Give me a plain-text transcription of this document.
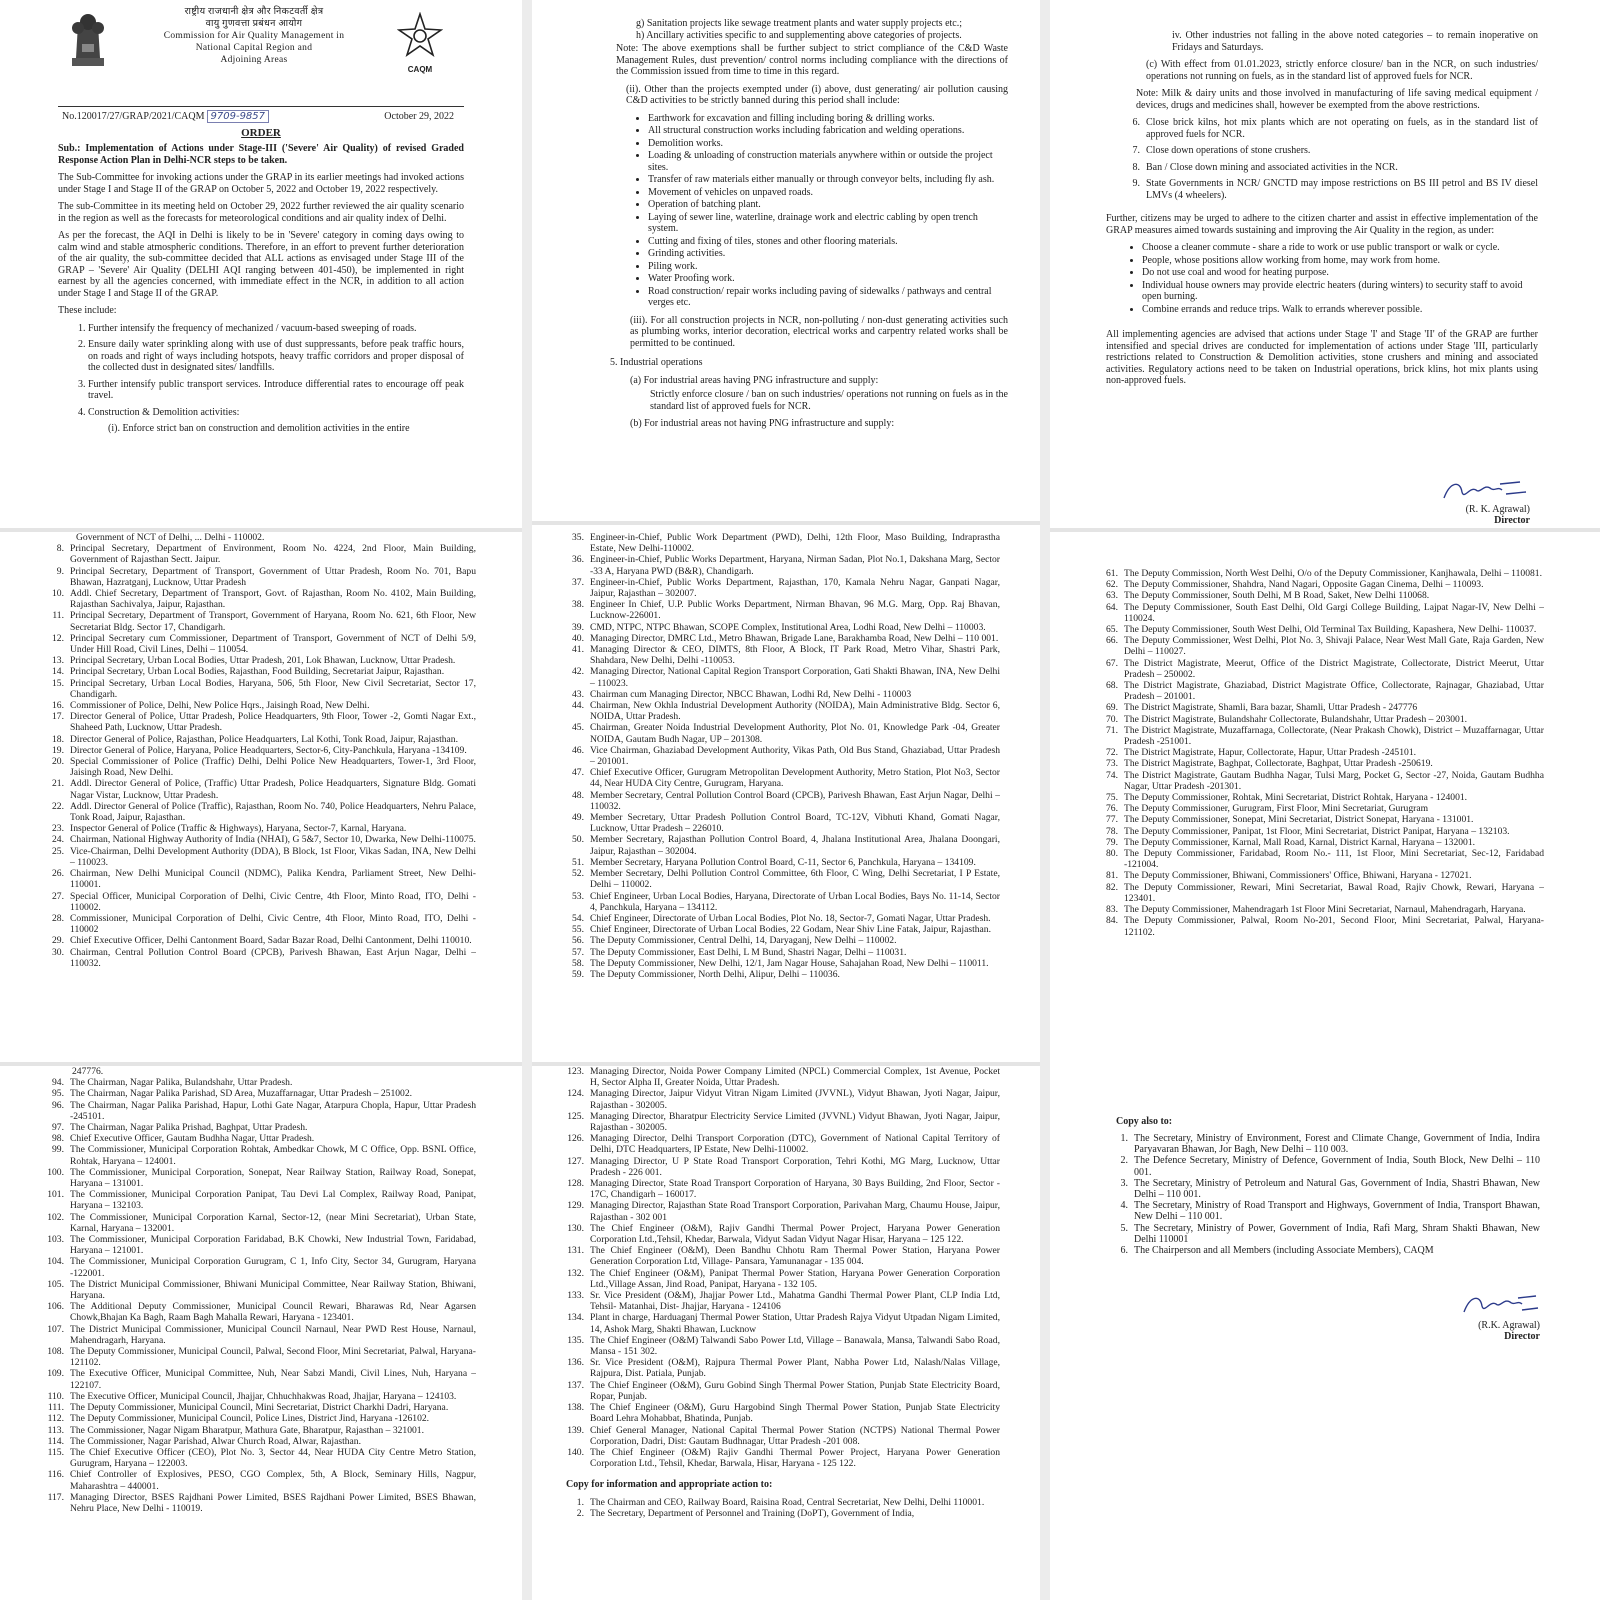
राष्ट्रीय राजधानी क्षेत्र और निकटवर्ती क्षेत्र
वायु गुणवत्ता प्रबंधन आयोग
Commission for Air Quality Management in
National Capital Region and
Adjoining Areas
CAQM
No.120017/27/GRAP/2021/CAQM 9709-9857	October 29, 2022
ORDER

Sub.: Implementation of Actions under Stage-III ('Severe' Air Quality) of revised Graded Response Action Plan in Delhi-NCR steps to be taken.

The Sub-Committee for invoking actions under the GRAP in its earlier meetings had invoked actions under Stage I and Stage II of the GRAP on October 5, 2022 and October 19, 2022 respectively.

The sub-Committee in its meeting held on October 29, 2022 further reviewed the air quality scenario in the region as well as the forecasts for meteorological conditions and air quality index of Delhi.

As per the forecast, the AQI in Delhi is likely to be in 'Severe' category in coming days owing to calm wind and stable atmospheric conditions. Therefore, in an effort to prevent further deterioration of the air quality, the sub-committee decided that ALL actions as envisaged under Stage III of the GRAP – 'Severe' Air Quality (DELHI AQI ranging between 401-450), be implemented in right earnest by all the agencies concerned, with immediate effect in the NCR, in addition to all action under Stage I and Stage II of the GRAP.

These include:

1. Further intensify the frequency of mechanized / vacuum-based sweeping of roads.
2. Ensure daily water sprinkling along with use of dust suppressants, before peak traffic hours, on roads and right of ways including hotspots, heavy traffic corridors and proper disposal of the collected dust in designated sites/ landfills.
3. Further intensify public transport services. Introduce differential rates to encourage off peak travel.
4. Construction & Demolition activities:

(i). Enforce strict ban on construction and demolition activities in the entire

g) Sanitation projects like sewage treatment plants and water supply projects etc.;
h) Ancillary activities specific to and supplementing above categories of projects.

Note: The above exemptions shall be further subject to strict compliance of the C&D Waste Management Rules, dust prevention/ control norms including compliance with the directions of the Commission issued from time to time in this regard.

(ii). Other than the projects exempted under (i) above, dust generating/ air pollution causing C&D activities to be strictly banned during this period shall include:

• Earthwork for excavation and filling including boring & drilling works.
• All structural construction works including fabrication and welding operations.
• Demolition works.
• Loading & unloading of construction materials anywhere within or outside the project sites.
• Transfer of raw materials either manually or through conveyor belts, including fly ash.
• Movement of vehicles on unpaved roads.
• Operation of batching plant.
• Laying of sewer line, waterline, drainage work and electric cabling by open trench system.
• Cutting and fixing of tiles, stones and other flooring materials.
• Grinding activities.
• Piling work.
• Water Proofing work.
• Road construction/ repair works including paving of sidewalks / pathways and central verges etc.

(iii). For all construction projects in NCR, non-polluting / non-dust generating activities such as plumbing works, interior decoration, electrical works and carpentry related works shall be permitted to be continued.

5. Industrial operations

(a) For industrial areas having PNG infrastructure and supply:

Strictly enforce closure / ban on such industries/ operations not running on fuels as in the standard list of approved fuels for NCR.

(b) For industrial areas not having PNG infrastructure and supply:

iv. Other industries not falling in the above noted categories – to remain inoperative on Fridays and Saturdays.

(c) With effect from 01.01.2023, strictly enforce closure/ ban in the NCR, on such industries/ operations not running on fuels, as in the standard list of approved fuels for NCR.

Note: Milk & dairy units and those involved in manufacturing of life saving medical equipment / devices, drugs and medicines shall, however be exempted from the above restrictions.

6. Close brick kilns, hot mix plants which are not operating on fuels, as in the standard list of approved fuels for NCR.
7. Close down operations of stone crushers.
8. Ban / Close down mining and associated activities in the NCR.
9. State Governments in NCR/ GNCTD may impose restrictions on BS III petrol and BS IV diesel LMVs (4 wheelers).

Further, citizens may be urged to adhere to the citizen charter and assist in effective implementation of the GRAP measures aimed towards sustaining and improving the Air Quality in the region, as under:

• Choose a cleaner commute - share a ride to work or use public transport or walk or cycle.
• People, whose positions allow working from home, may work from home.
• Do not use coal and wood for heating purpose.
• Individual house owners may provide electric heaters (during winters) to security staff to avoid open burning.
• Combine errands and reduce trips. Walk to errands wherever possible.

All implementing agencies are advised that actions under Stage 'I' and Stage 'II' of the GRAP are further intensified and special drives are conducted for implementation of actions under Stage 'III, particularly restrictions related to Construction & Demolition activities, stone crushers and mining and associated activities. Regulatory actions need to be taken on Industrial operations, brick klins, hot mix plants using non-approved fuels.

(R. K. Agrawal)
Director
Government of NCT of Delhi, ... Delhi - 110002.
8. Principal Secretary, Department of Environment, Room No. 4224, 2nd Floor, Main Building, Government of Rajasthan Sectt. Jaipur.
9. Principal Secretary, Department of Transport, Government of Uttar Pradesh, Room No. 701, Bapu Bhawan, Hazratganj, Lucknow, Uttar Pradesh
10. Addl. Chief Secretary, Department of Transport, Govt. of Rajasthan, Room No. 4102, Main Building, Rajasthan Sachivalya, Jaipur, Rajasthan.
11. Principal Secretary, Department of Transport, Government of Haryana, Room No. 621, 6th Floor, New Secretariat Bldg. Sector 17, Chandigarh.
12. Principal Secretary cum Commissioner, Department of Transport, Government of NCT of Delhi 5/9, Under Hill Road, Civil Lines, Delhi – 110054.
13. Principal Secretary, Urban Local Bodies, Uttar Pradesh, 201, Lok Bhawan, Lucknow, Uttar Pradesh.
14. Principal Secretary, Urban Local Bodies, Rajasthan, Food Building, Secretariat Jaipur, Rajasthan.
15. Principal Secretary, Urban Local Bodies, Haryana, 506, 5th Floor, New Civil Secretariat, Sector 17, Chandigarh.
16. Commissioner of Police, Delhi, New Police Hqrs., Jaisingh Road, New Delhi.
17. Director General of Police, Uttar Pradesh, Police Headquarters, 9th Floor, Tower -2, Gomti Nagar Ext., Shaheed Path, Lucknow, Uttar Pradesh.
18. Director General of Police, Rajasthan, Police Headquarters, Lal Kothi, Tonk Road, Jaipur, Rajasthan.
19. Director General of Police, Haryana, Police Headquarters, Sector-6, City-Panchkula, Haryana -134109.
20. Special Commissioner of Police (Traffic) Delhi, Delhi Police New Headquarters, Tower-1, 3rd Floor, Jaisingh Road, New Delhi.
21. Addl. Director General of Police, (Traffic) Uttar Pradesh, Police Headquarters, Signature Bldg. Gomati Nagar Vistar, Lucknow, Uttar Pradesh.
22. Addl. Director General of Police (Traffic), Rajasthan, Room No. 740, Police Headquarters, Nehru Palace, Tonk Road, Jaipur, Rajasthan.
23. Inspector General of Police (Traffic & Highways), Haryana, Sector-7, Karnal, Haryana.
24. Chairman, National Highway Authority of India (NHAI), G 5&7, Sector 10, Dwarka, New Delhi-110075.
25. Vice-Chairman, Delhi Development Authority (DDA), B Block, 1st Floor, Vikas Sadan, INA, New Delhi – 110023.
26. Chairman, New Delhi Municipal Council (NDMC), Palika Kendra, Parliament Street, New Delhi- 110001.
27. Special Officer, Municipal Corporation of Delhi, Civic Centre, 4th Floor, Minto Road, ITO, Delhi - 110002.
28. Commissioner, Municipal Corporation of Delhi, Civic Centre, 4th Floor, Minto Road, ITO, Delhi - 110002
29. Chief Executive Officer, Delhi Cantonment Board, Sadar Bazar Road, Delhi Cantonment, Delhi 110010.
30. Chairman, Central Pollution Control Board (CPCB), Parivesh Bhawan, East Arjun Nagar, Delhi – 110032.
35. Engineer-in-Chief, Public Work Department (PWD), Delhi, 12th Floor, Maso Building, Indraprastha Estate, New Delhi-110002.
36. Engineer-in-Chief, Public Works Department, Haryana, Nirman Sadan, Plot No.1, Dakshana Marg, Sector -33 A, Haryana PWD (B&R), Chandigarh.
37. Engineer-in-Chief, Public Works Department, Rajasthan, 170, Kamala Nehru Nagar, Ganpati Nagar, Jaipur, Rajasthan – 302007.
38. Engineer In Chief, U.P. Public Works Department, Nirman Bhavan, 96 M.G. Marg, Opp. Raj Bhavan, Lucknow-226001.
39. CMD, NTPC, NTPC Bhawan, SCOPE Complex, Institutional Area, Lodhi Road, New Delhi – 110003.
40. Managing Director, DMRC Ltd., Metro Bhawan, Brigade Lane, Barakhamba Road, New Delhi – 110 001.
41. Managing Director & CEO, DIMTS, 8th Floor, A Block, IT Park Road, Metro Vihar, Shastri Park, Shahdara, New Delhi, Delhi -110053.
42. Managing Director, National Capital Region Transport Corporation, Gati Shakti Bhawan, INA, New Delhi – 110023.
43. Chairman cum Managing Director, NBCC Bhawan, Lodhi Rd, New Delhi - 110003
44. Chairman, New Okhla Industrial Development Authority (NOIDA), Main Administrative Bldg. Sector 6, NOIDA, Uttar Pradesh.
45. Chairman, Greater Noida Industrial Development Authority, Plot No. 01, Knowledge Park -04, Greater NOIDA, Gautam Budh Nagar, UP – 201308.
46. Vice Chairman, Ghaziabad Development Authority, Vikas Path, Old Bus Stand, Ghaziabad, Uttar Pradesh – 201001.
47. Chief Executive Officer, Gurugram Metropolitan Development Authority, Metro Station, Plot No3, Sector 44, Near HUDA City Centre, Gurugram, Haryana.
48. Member Secretary, Central Pollution Control Board (CPCB), Parivesh Bhawan, East Arjun Nagar, Delhi – 110032.
49. Member Secretary, Uttar Pradesh Pollution Control Board, TC-12V, Vibhuti Khand, Gomati Nagar, Lucknow, Uttar Pradesh – 226010.
50. Member Secretary, Rajasthan Pollution Control Board, 4, Jhalana Institutional Area, Jhalana Doongari, Jaipur, Rajasthan – 302004.
51. Member Secretary, Haryana Pollution Control Board, C-11, Sector 6, Panchkula, Haryana – 134109.
52. Member Secretary, Delhi Pollution Control Committee, 6th Floor, C Wing, Delhi Secretariat, I P Estate, Delhi – 110002.
53. Chief Engineer, Urban Local Bodies, Haryana, Directorate of Urban Local Bodies, Bays No. 11-14, Sector 4, Panchkula, Haryana – 134112.
54. Chief Engineer, Directorate of Urban Local Bodies, Plot No. 18, Sector-7, Gomati Nagar, Uttar Pradesh.
55. Chief Engineer, Directorate of Urban Local Bodies, 22 Godam, Near Shiv Line Fatak, Jaipur, Rajasthan.
56. The Deputy Commissioner, Central Delhi, 14, Daryaganj, New Delhi – 110002.
57. The Deputy Commissioner, East Delhi, L M Bund, Shastri Nagar, Delhi – 110031.
58. The Deputy Commissioner, New Delhi, 12/1, Jam Nagar House, Sahajahan Road, New Delhi – 110011.
59. The Deputy Commissioner, North Delhi, Alipur, Delhi – 110036.
61. The Deputy Commission, North West Delhi, O/o of the Deputy Commissioner, Kanjhawala, Delhi – 110081.
62. The Deputy Commissioner, Shahdra, Nand Nagari, Opposite Gagan Cinema, Delhi – 110093.
63. The Deputy Commissioner, South Delhi, M B Road, Saket, New Delhi 110068.
64. The Deputy Commissioner, South East Delhi, Old Gargi College Building, Lajpat Nagar-IV, New Delhi – 110024.
65. The Deputy Commissioner, South West Delhi, Old Terminal Tax Building, Kapashera, New Delhi- 110037.
66. The Deputy Commissioner, West Delhi, Plot No. 3, Shivaji Palace, Near West Mall Gate, Raja Garden, New Delhi – 110027.
67. The District Magistrate, Meerut, Office of the District Magistrate, Collectorate, District Meerut, Uttar Pradesh – 250002.
68. The District Magistrate, Ghaziabad, District Magistrate Office, Collectorate, Rajnagar, Ghaziabad, Uttar Pradesh – 201001.
69. The District Magistrate, Shamli, Bara bazar, Shamli, Uttar Pradesh - 247776
70. The District Magistrate, Bulandshahr Collectorate, Bulandshahr, Uttar Pradesh – 203001.
71. The District Magistrate, Muzaffarnaga, Collectorate, (Near Prakash Chowk), District – Muzaffarnagar, Uttar Pradesh -251001.
72. The District Magistrate, Hapur, Collectorate, Hapur, Uttar Pradesh -245101.
73. The District Magistrate, Baghpat, Collectorate, Baghpat, Uttar Pradesh -250619.
74. The District Magistrate, Gautam Budhha Nagar, Tulsi Marg, Pocket G, Sector -27, Noida, Gautam Budhha Nagar, Uttar Pradesh -201301.
75. The Deputy Commissioner, Rohtak, Mini Secretariat, District Rohtak, Haryana - 124001.
76. The Deputy Commissioner, Gurugram, First Floor, Mini Secretariat, Gurugram
77. The Deputy Commissioner, Sonepat, Mini Secretariat, District Sonepat, Haryana - 131001.
78. The Deputy Commissioner, Panipat, 1st Floor, Mini Secretariat, District Panipat, Haryana – 132103.
79. The Deputy Commissioner, Karnal, Mall Road, Karnal, District Karnal, Haryana – 132001.
80. The Deputy Commissioner, Faridabad, Room No.- 111, 1st Floor, Mini Secretariat, Sec-12, Faridabad -121004.
81. The Deputy Commissioner, Bhiwani, Commissioners' Office, Bhiwani, Haryana - 127021.
82. The Deputy Commissioner, Rewari, Mini Secretariat, Bawal Road, Rajiv Chowk, Rewari, Haryana – 123401.
83. The Deputy Commissioner, Mahendragarh 1st Floor Mini Secretariat, Narnaul, Mahendragarh, Haryana.
84. The Deputy Commissioner, Palwal, Room No-201, Second Floor, Mini Secretariat, Palwal, Haryana- 121102.
247776.
94. The Chairman, Nagar Palika, Bulandshahr, Uttar Pradesh.
95. The Chairman, Nagar Palika Parishad, SD Area, Muzaffarnagar, Uttar Pradesh – 251002.
96. The Chairman, Nagar Palika Parishad, Hapur, Lothi Gate Nagar, Atarpura Chopla, Hapur, Uttar Pradesh -245101.
97. The Chairman, Nagar Palika Prishad, Baghpat, Uttar Pradesh.
98. Chief Executive Officer, Gautam Budhha Nagar, Uttar Pradesh.
99. The Commissioner, Municipal Corporation Rohtak, Ambedkar Chowk, M C Office, Opp. BSNL Office, Rohtak, Haryana – 124001.
100. The Commissioner, Municipal Corporation, Sonepat, Near Railway Station, Railway Road, Sonepat, Haryana – 131001.
101. The Commissioner, Municipal Corporation Panipat, Tau Devi Lal Complex, Railway Road, Panipat, Haryana – 132103.
102. The Commissioner, Municipal Corporation Karnal, Sector-12, (near Mini Secretariat), Urban State, Karnal, Haryana – 132001.
103. The Commissioner, Municipal Corporation Faridabad, B.K Chowki, New Industrial Town, Faridabad, Haryana – 121001.
104. The Commissioner, Municipal Corporation Gurugram, C 1, Info City, Sector 34, Gurugram, Haryana -122001.
105. The District Municipal Commissioner, Bhiwani Municipal Committee, Near Railway Station, Bhiwani, Haryana.
106. The Additional Deputy Commissioner, Municipal Council Rewari, Bharawas Rd, Near Agarsen Chowk,Bhajan Ka Bagh, Raam Bagh Mahalla Rewari, Haryana - 123401.
107. The District Municipal Commissioner, Municipal Council Narnaul, Near PWD Rest House, Narnaul, Mahendragarh, Haryana.
108. The Deputy Commissioner, Municipal Council, Palwal, Second Floor, Mini Secretariat, Palwal, Haryana- 121102.
109. The Executive Officer, Municipal Committee, Nuh, Near Sabzi Mandi, Civil Lines, Nuh, Haryana – 122107.
110. The Executive Officer, Municipal Council, Jhajjar, Chhuchhakwas Road, Jhajjar, Haryana – 124103.
111. The Deputy Commissioner, Municipal Council, Mini Secretariat, District Charkhi Dadri, Haryana.
112. The Deputy Commissioner, Municipal Council, Police Lines, District Jind, Haryana -126102.
113. The Commissioner, Nagar Nigam Bharatpur, Mathura Gate, Bharatpur, Rajasthan – 321001.
114. The Commissioner, Nagar Parishad, Alwar Church Road, Alwar, Rajasthan.
115. The Chief Executive Officer (CEO), Plot No. 3, Sector 44, Near HUDA City Centre Metro Station, Gurugram, Haryana – 122003.
116. Chief Controller of Explosives, PESO, CGO Complex, 5th, A Block, Seminary Hills, Nagpur, Maharashtra – 440001.
117. Managing Director, BSES Rajdhani Power Limited, BSES Rajdhani Power Limited, BSES Bhawan, Nehru Place, New Delhi - 110019.
123. Managing Director, Noida Power Company Limited (NPCL) Commercial Complex, 1st Avenue, Pocket H, Sector Alpha II, Greater Noida, Uttar Pradesh.
124. Managing Director, Jaipur Vidyut Vitran Nigam Limited (JVVNL), Vidyut Bhawan, Jyoti Nagar, Jaipur, Rajasthan - 302005.
125. Managing Director, Bharatpur Electricity Service Limited (JVVNL) Vidyut Bhawan, Jyoti Nagar, Jaipur, Rajasthan - 302005.
126. Managing Director, Delhi Transport Corporation (DTC), Government of National Capital Territory of Delhi, DTC Headquarters, IP Estate, New Delhi-110002.
127. Managing Director, U P State Road Transport Corporation, Tehri Kothi, MG Marg, Lucknow, Uttar Pradesh - 226 001.
128. Managing Director, State Road Transport Corporation of Haryana, 30 Bays Building, 2nd Floor, Sector - 17C, Chandigarh – 160017.
129. Managing Director, Rajasthan State Road Transport Corporation, Parivahan Marg, Chaumu House, Jaipur, Rajasthan - 302 001
130. The Chief Engineer (O&M), Rajiv Gandhi Thermal Power Project, Haryana Power Generation Corporation Ltd.,Tehsil, Khedar, Barwala, Vidyut Sadan Vidyut Nagar Hisar, Haryana – 125 122.
131. The Chief Engineer (O&M), Deen Bandhu Chhotu Ram Thermal Power Station, Haryana Power Generation Corporation Ltd, Village- Pansara, Yamunanagar - 135 004.
132. The Chief Engineer (O&M), Panipat Thermal Power Station, Haryana Power Generation Corporation Ltd.,Village Assan, Jind Road, Panipat, Haryana - 132 105.
133. Sr. Vice President (O&M), Jhajjar Power Ltd., Mahatma Gandhi Thermal Power Plant, CLP India Ltd, Tehsil- Matanhai, Dist- Jhajjar, Haryana - 124106
134. Plant in charge, Harduaganj Thermal Power Station, Uttar Pradesh Rajya Vidyut Utpadan Nigam Limited, 14, Ashok Marg, Shakti Bhawan, Lucknow
135. The Chief Engineer (O&M) Talwandi Sabo Power Ltd, Village – Banawala, Mansa, Talwandi Sabo Road, Mansa - 151 302.
136. Sr. Vice President (O&M), Rajpura Thermal Power Plant, Nabha Power Ltd, Nalash/Nalas Village, Rajpura, Dist. Patiala, Punjab.
137. The Chief Engineer (O&M), Guru Gobind Singh Thermal Power Station, Punjab State Electricity Board, Ropar, Punjab.
138. The Chief Engineer (O&M), Guru Hargobind Singh Thermal Power Station, Punjab State Electricity Board Lehra Mohabbat, Bhatinda, Punjab.
139. Chief General Manager, National Capital Thermal Power Station (NCTPS) National Thermal Power Corporation, Dadri, Dist: Gautam Budhnagar, Uttar Pradesh -201 008.
140. The Chief Engineer (O&M) Rajiv Gandhi Thermal Power Project, Haryana Power Generation Corporation Ltd., Tehsil, Khedar, Barwala, Hisar, Haryana - 125 122.
Copy for information and appropriate action to:
1. The Chairman and CEO, Railway Board, Raisina Road, Central Secretariat, New Delhi, Delhi 110001.
2. The Secretary, Department of Personnel and Training (DoPT), Government of India,
Copy also to:
1. The Secretary, Ministry of Environment, Forest and Climate Change, Government of India, Indira Paryavaran Bhawan, Jor Bagh, New Delhi – 110 003.
2. The Defence Secretary, Ministry of Defence, Government of India, South Block, New Delhi – 110 001.
3. The Secretary, Ministry of Petroleum and Natural Gas, Government of India, Shastri Bhawan, New Delhi – 110 001.
4. The Secretary, Ministry of Road Transport and Highways, Government of India, Transport Bhawan, New Delhi – 110 001.
5. The Secretary, Ministry of Power, Government of India, Rafi Marg, Shram Shakti Bhawan, New Delhi 110001
6. The Chairperson and all Members (including Associate Members), CAQM
(R.K. Agrawal)
Director
